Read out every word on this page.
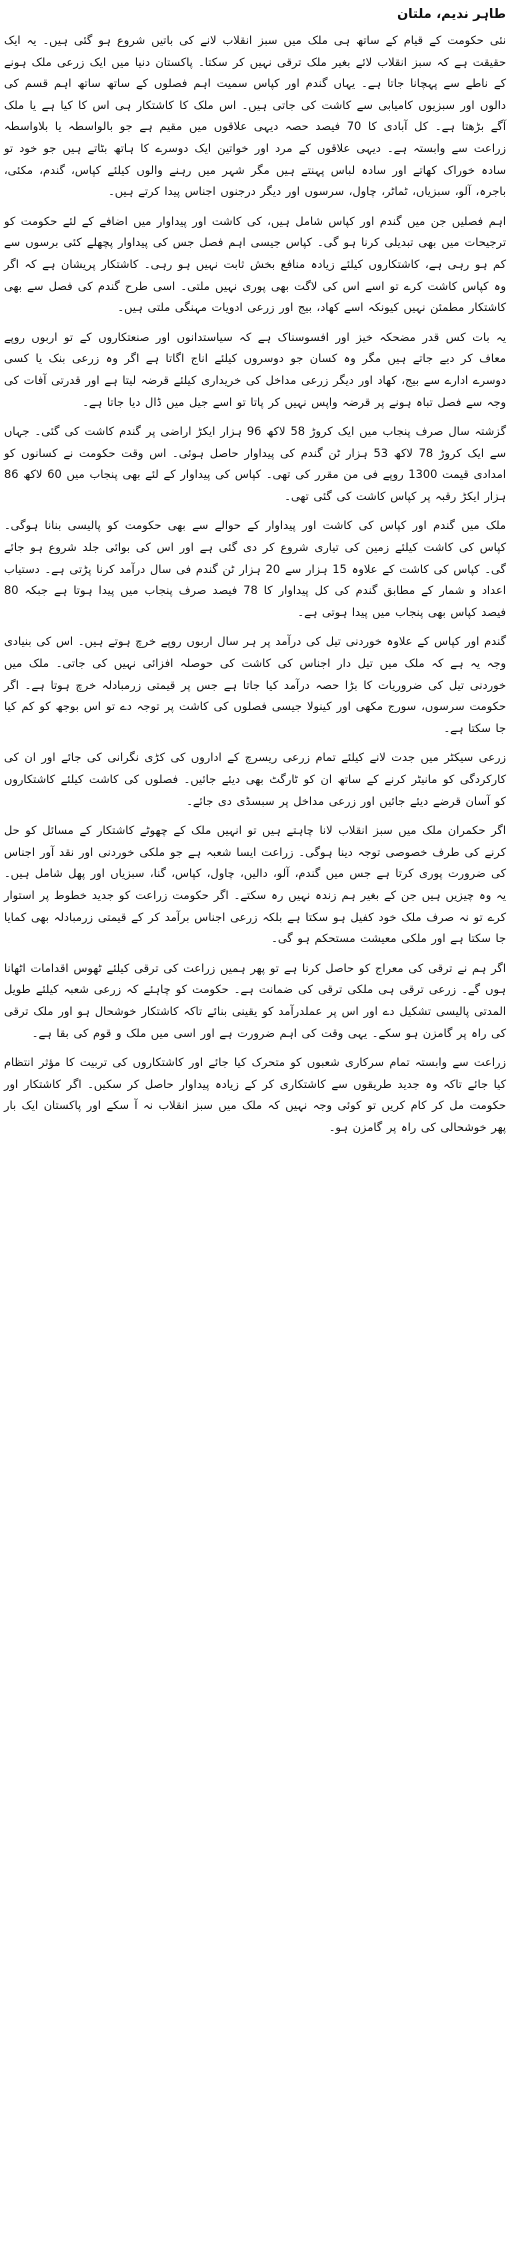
طاہر ندیم، ملتان

نئی حکومت کے قیام کے ساتھ ہی ملک میں سبز انقلاب لانے کی باتیں شروع ہو گئی ہیں۔ یہ ایک حقیقت ہے کہ سبز انقلاب لائے بغیر ملک ترقی نہیں کر سکتا۔ پاکستان دنیا میں ایک زرعی ملک ہونے کے ناطے سے پہچانا جاتا ہے۔ یہاں گندم اور کپاس سمیت اہم فصلوں کے ساتھ ساتھ اہم قسم کی دالوں اور سبزیوں کامیابی سے کاشت کی جاتی ہیں۔ اس ملک کا کاشتکار ہی اس کا کیا ہے یا ملک آگے بڑھتا ہے۔ کل آبادی کا 70 فیصد حصہ دیہی علاقوں میں مقیم ہے جو بالواسطہ یا بلاواسطہ زراعت سے وابستہ ہے۔ دیہی علاقوں کے مرد اور خواتین ایک دوسرے کا ہاتھ بٹاتے ہیں جو خود تو سادہ خوراک کھاتے اور سادہ لباس پہنتے ہیں مگر شہر میں رہنے والوں کیلئے کپاس، گندم، مکئی، باجرہ، آلو، سبزیاں، ٹماٹر، چاول، سرسوں اور دیگر درجنوں اجناس پیدا کرتے ہیں۔

اہم فصلیں جن میں گندم اور کپاس شامل ہیں، کی کاشت اور پیداوار میں اضافے کے لئے حکومت کو ترجیحات میں بھی تبدیلی کرنا ہو گی۔ کپاس جیسی اہم فصل جس کی پیداوار پچھلے کئی برسوں سے کم ہو رہی ہے، کاشتکاروں کیلئے زیادہ منافع بخش ثابت نہیں ہو رہی۔ کاشتکار پریشان ہے کہ اگر وہ کپاس کاشت کرے تو اسے اس کی لاگت بھی پوری نہیں ملتی۔ اسی طرح گندم کی فصل سے بھی کاشتکار مطمئن نہیں کیونکہ اسے کھاد، بیج اور زرعی ادویات مہنگی ملتی ہیں۔

یہ بات کس قدر مضحکہ خیز اور افسوسناک ہے کہ سیاستدانوں اور صنعتکاروں کے تو اربوں روپے معاف کر دیے جاتے ہیں مگر وہ کسان جو دوسروں کیلئے اناج اگاتا ہے اگر وہ زرعی بنک یا کسی دوسرے ادارے سے بیج، کھاد اور دیگر زرعی مداخل کی خریداری کیلئے قرضہ لیتا ہے اور قدرتی آفات کی وجہ سے فصل تباہ ہونے پر قرضہ واپس نہیں کر پاتا تو اسے جیل میں ڈال دیا جاتا ہے۔

گزشتہ سال صرف پنجاب میں ایک کروڑ 58 لاکھ 96 ہزار ایکڑ اراضی پر گندم کاشت کی گئی۔ جہاں سے ایک کروڑ 78 لاکھ 53 ہزار ٹن گندم کی پیداوار حاصل ہوئی۔ اس وقت حکومت نے کسانوں کو امدادی قیمت 1300 روپے فی من مقرر کی تھی۔ کپاس کی پیداوار کے لئے بھی پنجاب میں 60 لاکھ 86 ہزار ایکڑ رقبہ پر کپاس کاشت کی گئی تھی۔

ملک میں گندم اور کپاس کی کاشت اور پیداوار کے حوالے سے بھی حکومت کو پالیسی بنانا ہوگی۔ کپاس کی کاشت کیلئے زمین کی تیاری شروع کر دی گئی ہے اور اس کی بوائی جلد شروع ہو جائے گی۔ کپاس کی کاشت کے علاوہ 15 ہزار سے 20 ہزار ٹن گندم فی سال درآمد کرنا پڑتی ہے۔ دستیاب اعداد و شمار کے مطابق گندم کی کل پیداوار کا 78 فیصد صرف پنجاب میں پیدا ہوتا ہے جبکہ 80 فیصد کپاس بھی پنجاب میں پیدا ہوتی ہے۔

گندم اور کپاس کے علاوہ خوردنی تیل کی درآمد پر ہر سال اربوں روپے خرچ ہوتے ہیں۔ اس کی بنیادی وجہ یہ ہے کہ ملک میں تیل دار اجناس کی کاشت کی حوصلہ افزائی نہیں کی جاتی۔ ملک میں خوردنی تیل کی ضروریات کا بڑا حصہ درآمد کیا جاتا ہے جس پر قیمتی زرمبادلہ خرچ ہوتا ہے۔ اگر حکومت سرسوں، سورج مکھی اور کینولا جیسی فصلوں کی کاشت پر توجہ دے تو اس بوجھ کو کم کیا جا سکتا ہے۔

زرعی سیکٹر میں جدت لانے کیلئے تمام زرعی ریسرچ کے اداروں کی کڑی نگرانی کی جائے اور ان کی کارکردگی کو مانیٹر کرنے کے ساتھ ان کو ٹارگٹ بھی دیئے جائیں۔ فصلوں کی کاشت کیلئے کاشتکاروں کو آسان قرضے دیئے جائیں اور زرعی مداخل پر سبسڈی دی جائے۔

اگر حکمران ملک میں سبز انقلاب لانا چاہتے ہیں تو انہیں ملک کے چھوٹے کاشتکار کے مسائل کو حل کرنے کی طرف خصوصی توجہ دینا ہوگی۔ زراعت ایسا شعبہ ہے جو ملکی خوردنی اور نقد آور اجناس کی ضرورت پوری کرتا ہے جس میں گندم، آلو، دالیں، چاول، کپاس، گنا، سبزیاں اور پھل شامل ہیں۔ یہ وہ چیزیں ہیں جن کے بغیر ہم زندہ نہیں رہ سکتے۔ اگر حکومت زراعت کو جدید خطوط پر استوار کرے تو نہ صرف ملک خود کفیل ہو سکتا ہے بلکہ زرعی اجناس برآمد کر کے قیمتی زرمبادلہ بھی کمایا جا سکتا ہے اور ملکی معیشت مستحکم ہو گی۔

اگر ہم نے ترقی کی معراج کو حاصل کرنا ہے تو پھر ہمیں زراعت کی ترقی کیلئے ٹھوس اقدامات اٹھانا ہوں گے۔ زرعی ترقی ہی ملکی ترقی کی ضمانت ہے۔ حکومت کو چاہئے کہ زرعی شعبہ کیلئے طویل المدتی پالیسی تشکیل دے اور اس پر عملدرآمد کو یقینی بنائے تاکہ کاشتکار خوشحال ہو اور ملک ترقی کی راہ پر گامزن ہو سکے۔ یہی وقت کی اہم ضرورت ہے اور اسی میں ملک و قوم کی بقا ہے۔

زراعت سے وابستہ تمام سرکاری شعبوں کو متحرک کیا جائے اور کاشتکاروں کی تربیت کا مؤثر انتظام کیا جائے تاکہ وہ جدید طریقوں سے کاشتکاری کر کے زیادہ پیداوار حاصل کر سکیں۔ اگر کاشتکار اور حکومت مل کر کام کریں تو کوئی وجہ نہیں کہ ملک میں سبز انقلاب نہ آ سکے اور پاکستان ایک بار پھر خوشحالی کی راہ پر گامزن ہو۔
